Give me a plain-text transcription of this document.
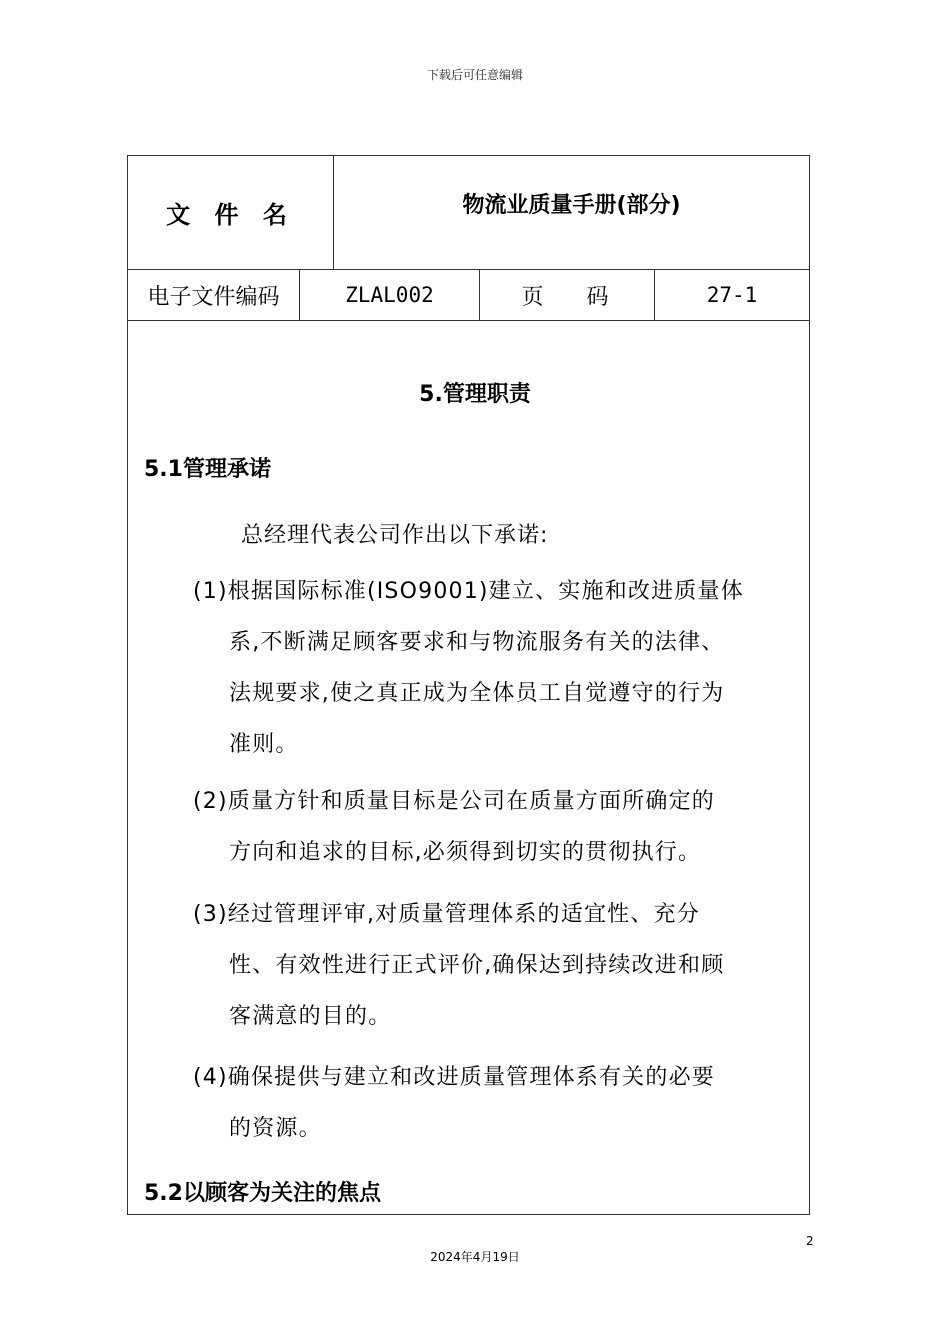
下载后可任意编辑
文 件 名	物流业质量手册(部分)
电子文件编码	ZLAL002	页 码	27-1
5.管理职责
5.1管理承诺
总经理代表公司作出以下承诺:
(1)根据国际标准(ISO9001)建立、实施和改进质量体
系,不断满足顾客要求和与物流服务有关的法律、
法规要求,使之真正成为全体员工自觉遵守的行为
准则。
(2)质量方针和质量目标是公司在质量方面所确定的
方向和追求的目标,必须得到切实的贯彻执行。
(3)经过管理评审,对质量管理体系的适宜性、充分
性、有效性进行正式评价,确保达到持续改进和顾
客满意的目的。
(4)确保提供与建立和改进质量管理体系有关的必要
的资源。
5.2以顾客为关注的焦点
2
2024年4月19日
